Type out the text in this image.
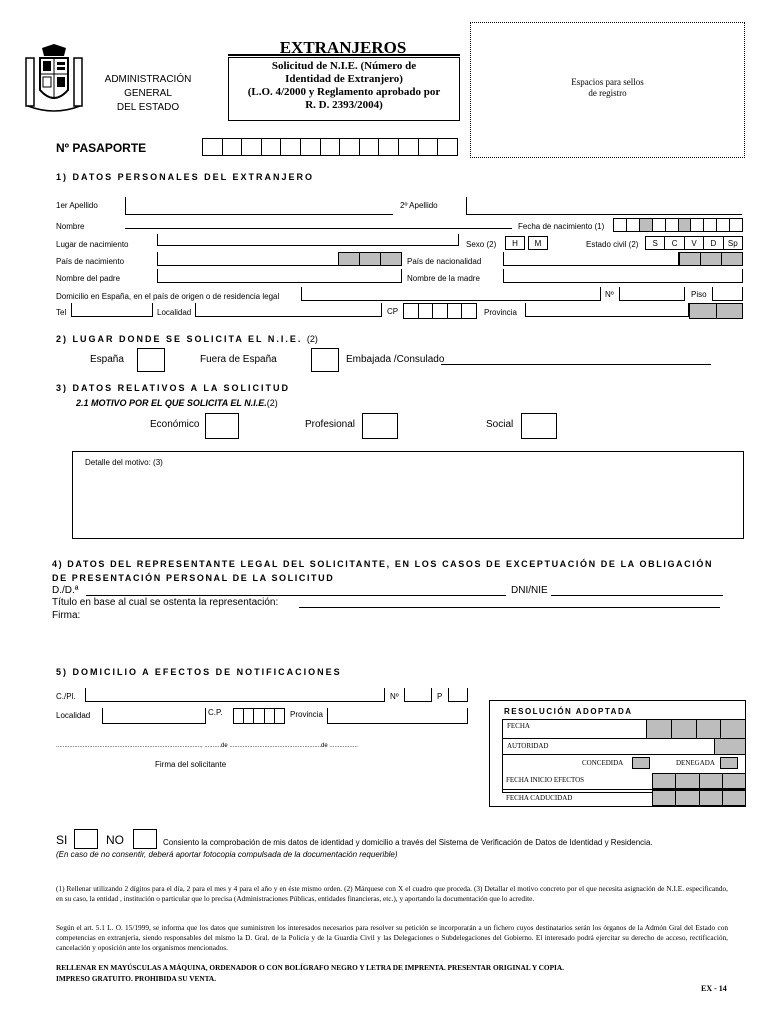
ADMINISTRACIÓN
GENERAL
DEL ESTADO
EXTRANJEROS
Solicitud de N.I.E. (Número de
Identidad de Extranjero)
(L.O. 4/2000 y Reglamento aprobado por
R. D. 2393/2004)
Espacios para sellos
de registro
Nº PASAPORTE
1) DATOS PERSONALES DEL EXTRANJERO
1er Apellido	2º Apellido
Nombre	Fecha de nacimiento (1)
Lugar de nacimiento	Sexo (2)	H	M	Estado civil (2)	S	C	V	D	Sp
País de nacimiento	País de nacionalidad
Nombre del padre	Nombre de la madre
Domicilio en España, en el país de origen o de residencia legal	Nº	Piso
Tel	Localidad	CP	Provincia
2) LUGAR DONDE SE SOLICITA EL N.I.E. (2)
España	Fuera de España	Embajada /Consulado
3) DATOS RELATIVOS A LA SOLICITUD
2.1 MOTIVO POR EL QUE SOLICITA EL N.I.E.(2)
Económico	Profesional	Social
Detalle del motivo: (3)
4) DATOS DEL REPRESENTANTE LEGAL DEL SOLICITANTE, EN LOS CASOS DE EXCEPTUACIÓN DE LA OBLIGACIÓN
DE PRESENTACIÓN PERSONAL DE LA SOLICITUD
D./D.ª	DNI/NIE
Título en base al cual se ostenta la representación:
Firma:
5) DOMICILIO A EFECTOS DE NOTIFICACIONES
C./Pl.	Nº	P
Localidad	C.P.	Provincia
......................................................................................., ..........de .......................................................de .................
Firma del solicitante
RESOLUCIÓN ADOPTADA
FECHA
AUTORIDAD
CONCEDIDA	DENEGADA
FECHA INICIO EFECTOS
FECHA CADUCIDAD
SI	NO	Consiento la comprobación de mis datos de identidad y domicilio a través del Sistema de Verificación de Datos de Identidad y Residencia.
(En caso de no consentir, deberá aportar fotocopia compulsada de la documentación requerible)
(1) Rellenar utilizando 2 dígitos para el día, 2 para el mes y 4 para el año y en éste mismo orden. (2) Márquese con X el cuadro que proceda. (3) Detallar el motivo concreto por el que necesita asignación de N.I.E. especificando, en su caso, la entidad , institución o particular que lo precisa (Administraciones Públicas, entidades financieras, etc.), y aportando la documentación que lo acredite.
Según el art. 5.1 L. O. 15/1999, se informa que los datos que suministren los interesados necesarios para resolver su petición se incorporarán a un fichero cuyos destinatarios serán los órganos de la Admón Gral del Estado con competencias en extranjería, siendo responsables del mismo la D. Gral. de la Policía y de la Guardia Civil y las Delegaciones o Subdelegaciones del Gobierno. El interesado podrá ejercitar su derecho de acceso, rectificación, cancelación y oposición ante los organismos mencionados.
RELLENAR EN MAYÚSCULAS A MÁQUINA, ORDENADOR O CON BOLÍGRAFO NEGRO Y LETRA DE IMPRENTA. PRESENTAR ORIGINAL Y COPIA.
IMPRESO GRATUITO. PROHIBIDA SU VENTA.
EX - 14
